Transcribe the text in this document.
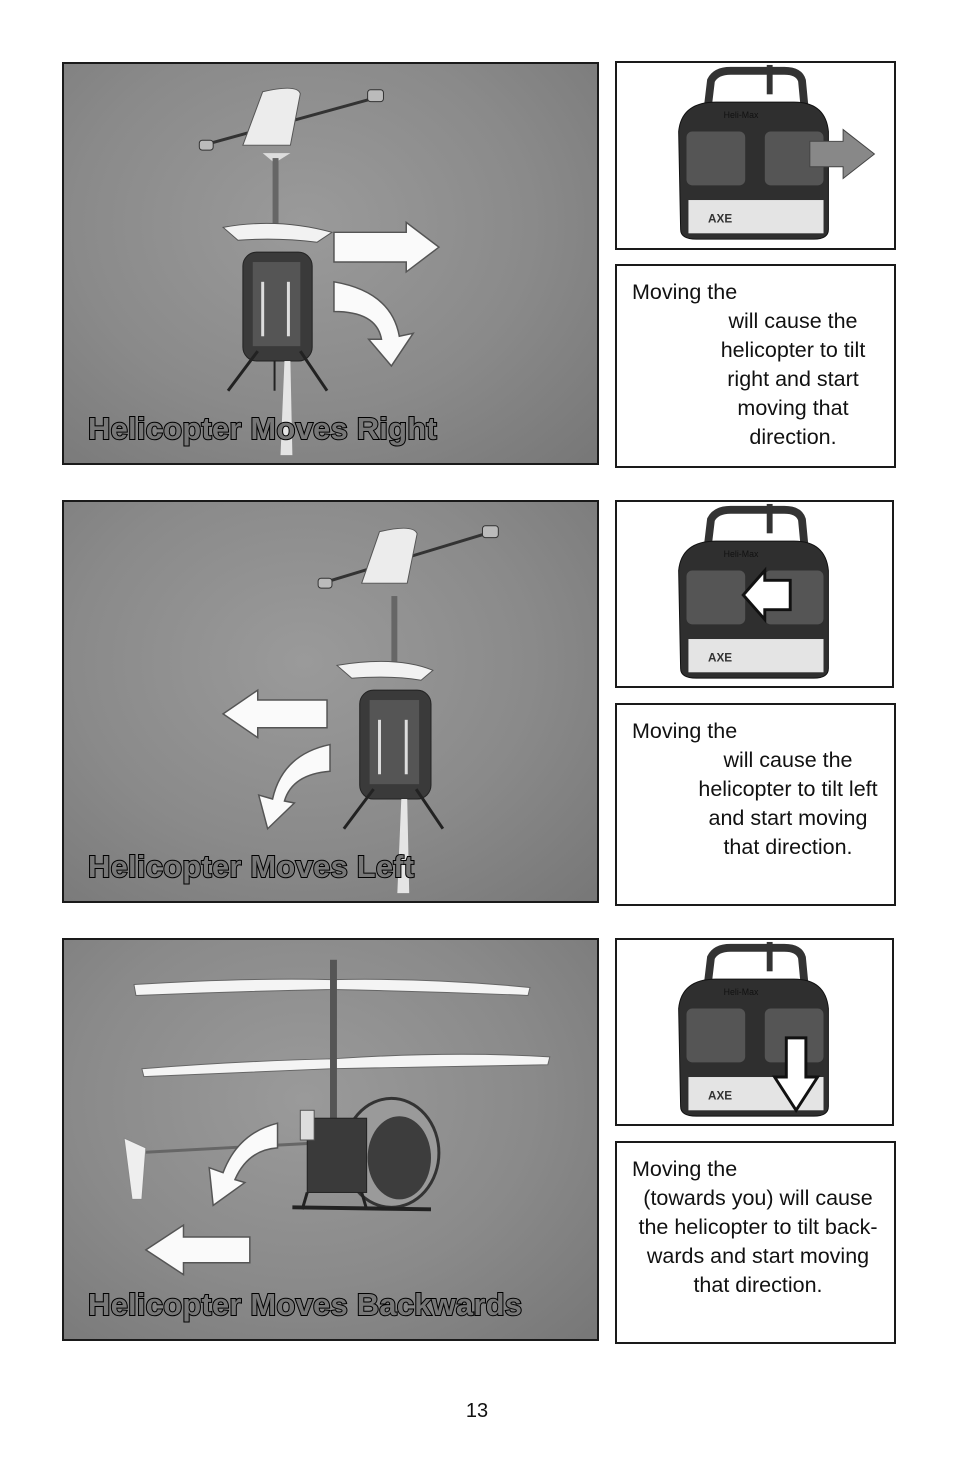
Helicopter Moves Right
Heli-Max
AXE
Moving the
will cause the helicopter to tilt right and start moving that direction.
Helicopter Moves Left
Heli-Max
AXE
Moving the
will cause the helicopter to tilt left and start moving that direction.
Helicopter Moves Backwards
Heli-Max
AXE
Moving the
(towards you) will cause the helicopter to tilt back- wards and start moving that direction.
13
